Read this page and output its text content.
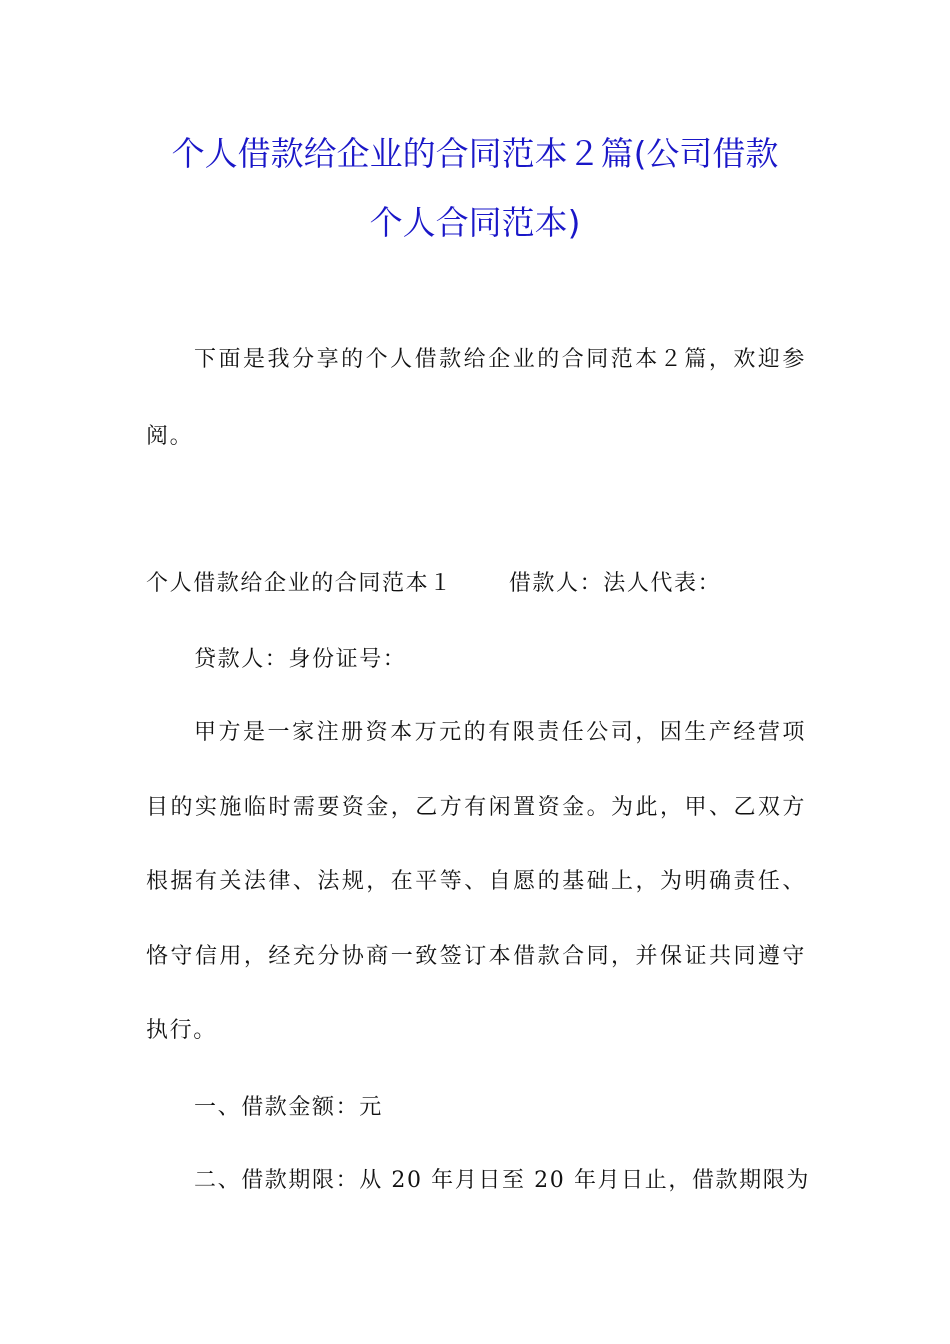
个人借款给企业的合同范本２篇(公司借款
个人合同范本)
下面是我分享的个人借款给企业的合同范本２篇，欢迎参
阅。
个人借款给企业的合同范本１	借款人：法人代表：
贷款人：身份证号：
甲方是一家注册资本万元的有限责任公司，因生产经营项
目的实施临时需要资金，乙方有闲置资金。为此，甲、乙双方
根据有关法律、法规，在平等、自愿的基础上，为明确责任、
恪守信用，经充分协商一致签订本借款合同，并保证共同遵守
执行。
一、借款金额：元
二、借款期限：从 20 年月日至 20 年月日止，借款期限为
